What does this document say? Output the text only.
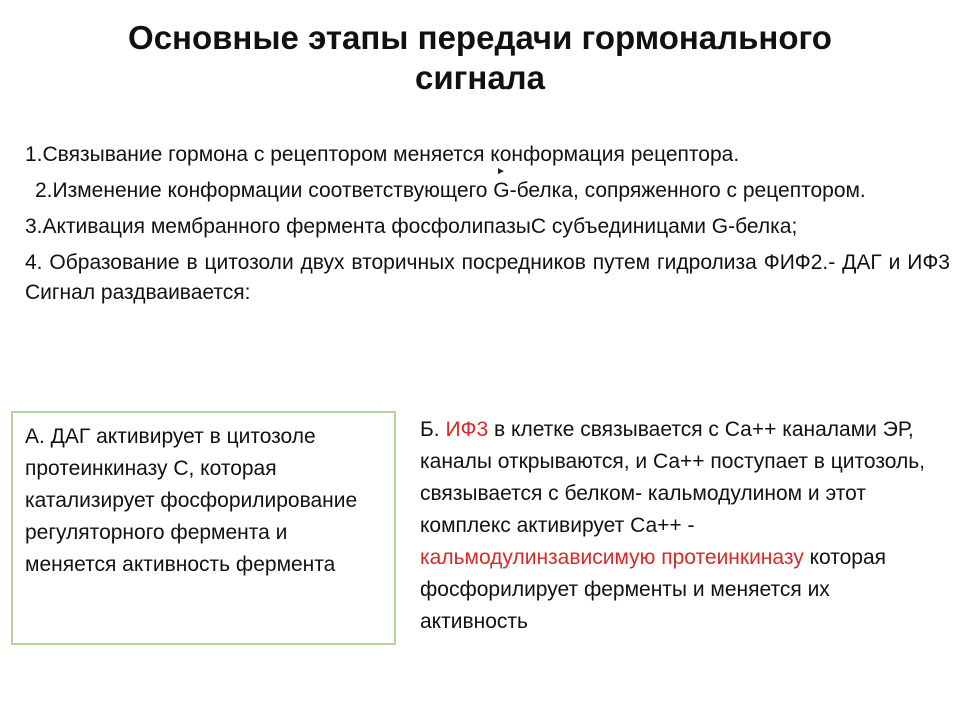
Основные этапы передачи гормонального сигнала
1.Связывание гормона с рецептором меняется конформация рецептора.
2.Изменение конформации соответствующего G-белка, сопряженного с рецептором.
3.Активация мембранного фермента фосфолипазыС субъединицами G-белка;
4. Образование в цитозоли двух вторичных посредников путем гидролиза ФИФ2.- ДАГ и ИФ3 Сигнал раздваивается:
►
А. ДАГ активирует в цитозоле протеинкиназу С, которая катализирует фосфорилирование регуляторного фермента и меняется активность фермента
Б. ИФ3 в клетке связывается с Са++ каналами ЭР, каналы открываются, и Са++ поступает в цитозоль, связывается с белком- кальмодулином и этот комплекс активирует Са++ - кальмодулинзависимую протеинкиназу которая фосфорилирует ферменты и меняется их активность
